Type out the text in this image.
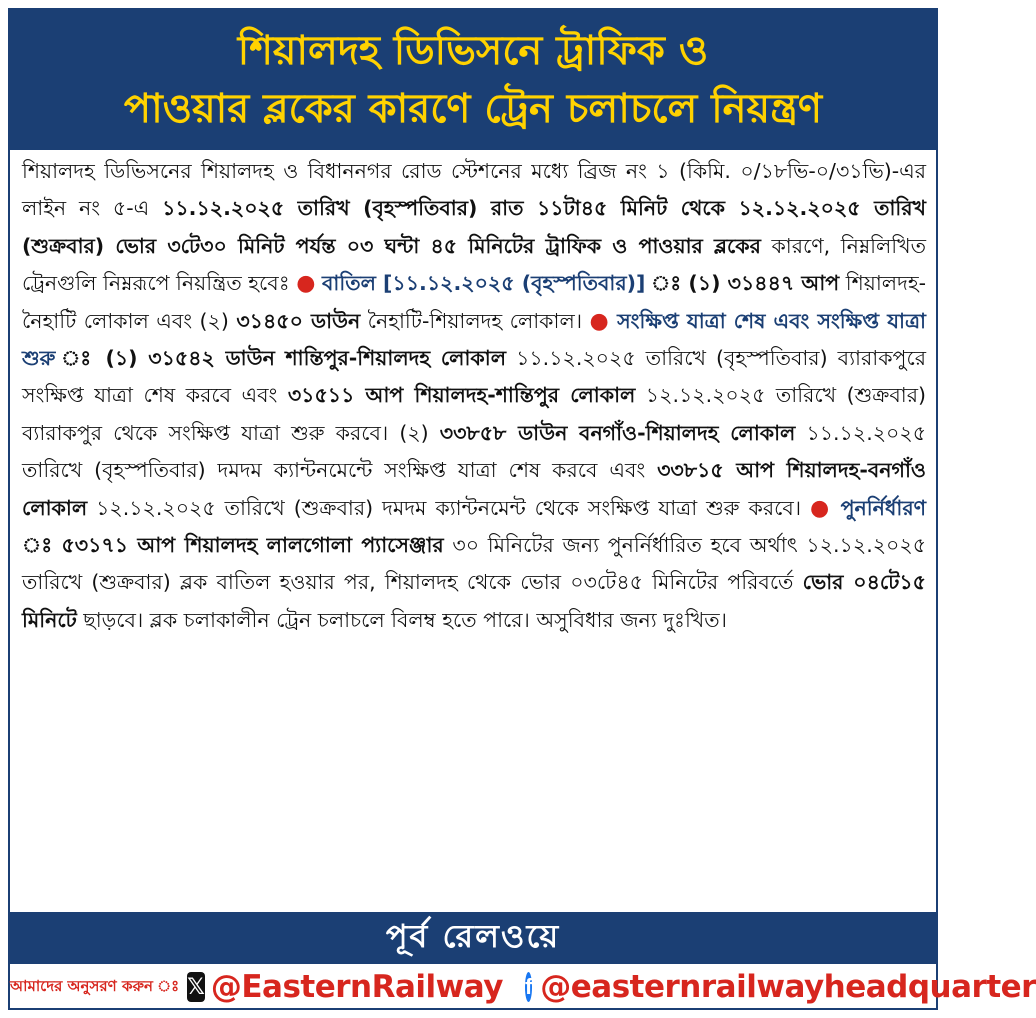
শিয়ালদহ ডিভিসনে ট্রাফিক ও
পাওয়ার ব্লকের কারণে ট্রেন চলাচলে নিয়ন্ত্রণ
শিয়ালদহ ডিভিসনের শিয়ালদহ ও বিধাননগর রোড স্টেশনের মধ্যে ব্রিজ নং ১ (কিমি. ০/১৮ভি-০/৩১ভি)-এর লাইন নং ৫-এ ১১.১২.২০২৫ তারিখ (বৃহস্পতিবার) রাত ১১টা৪৫ মিনিট থেকে ১২.১২.২০২৫ তারিখ (শুক্রবার) ভোর ৩টে৩০ মিনিট পর্যন্ত ০৩ ঘন্টা ৪৫ মিনিটের ট্রাফিক ও পাওয়ার ব্লকের কারণে, নিম্নলিখিত ট্রেনগুলি নিম্নরূপে নিয়ন্ত্রিত হবেঃ ● বাতিল [১১.১২.২০২৫ (বৃহস্পতিবার)] ঃ (১) ৩১৪৪৭ আপ শিয়ালদহ-নৈহাটি লোকাল এবং (২) ৩১৪৫০ ডাউন নৈহাটি-শিয়ালদহ লোকাল। ● সংক্ষিপ্ত যাত্রা শেষ এবং সংক্ষিপ্ত যাত্রা শুরু ঃ (১) ৩১৫৪২ ডাউন শান্তিপুর-শিয়ালদহ লোকাল ১১.১২.২০২৫ তারিখে (বৃহস্পতিবার) ব্যারাকপুরে সংক্ষিপ্ত যাত্রা শেষ করবে এবং ৩১৫১১ আপ শিয়ালদহ-শান্তিপুর লোকাল ১২.১২.২০২৫ তারিখে (শুক্রবার) ব্যারাকপুর থেকে সংক্ষিপ্ত যাত্রা শুরু করবে। (২) ৩৩৮৫৮ ডাউন বনগাঁও-শিয়ালদহ লোকাল ১১.১২.২০২৫ তারিখে (বৃহস্পতিবার) দমদম ক্যান্টনমেন্টে সংক্ষিপ্ত যাত্রা শেষ করবে এবং ৩৩৮১৫ আপ শিয়ালদহ-বনগাঁও লোকাল ১২.১২.২০২৫ তারিখে (শুক্রবার) দমদম ক্যান্টনমেন্ট থেকে সংক্ষিপ্ত যাত্রা শুরু করবে। ● পুনর্নির্ধারণ ঃ ৫৩১৭১ আপ শিয়ালদহ লালগোলা প্যাসেঞ্জার ৩০ মিনিটের জন্য পুনর্নির্ধারিত হবে অর্থাৎ ১২.১২.২০২৫ তারিখে (শুক্রবার) ব্লক বাতিল হওয়ার পর, শিয়ালদহ থেকে ভোর ০৩টে৪৫ মিনিটের পরিবর্তে ভোর ০৪টে১৫ মিনিটে ছাড়বে। ব্লক চলাকালীন ট্রেন চলাচলে বিলম্ব হতে পারে। অসুবিধার জন্য দুঃখিত।
পূর্ব রেলওয়ে
আমাদের অনুসরণ করুন ঃ 𝕏 @EasternRailway f @easternrailwayheadquarter
